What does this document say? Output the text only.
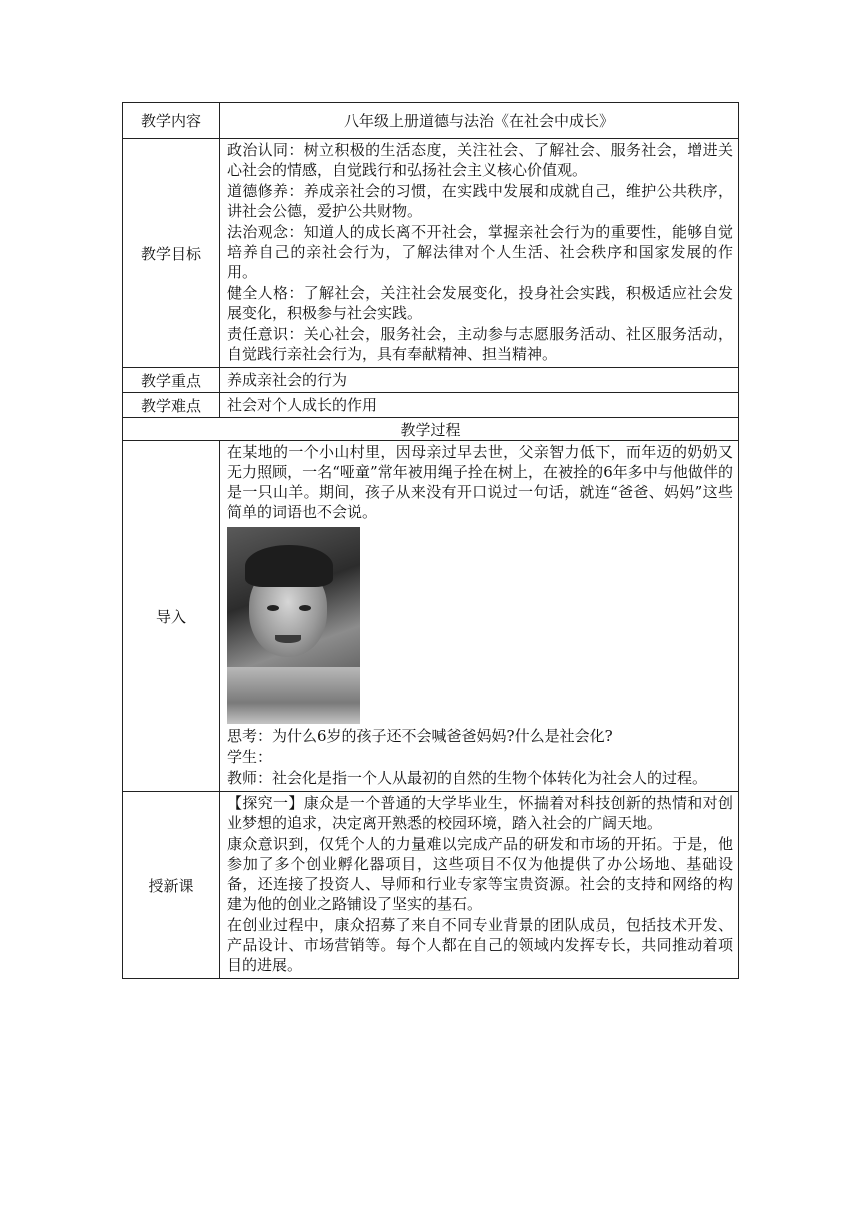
教学内容	八年级上册道德与法治《在社会中成长》
教学目标	政治认同：树立积极的生活态度，关注社会、了解社会、服务社会，增进关心社会的情感，自觉践行和弘扬社会主义核心价值观。

道德修养：养成亲社会的习惯，在实践中发展和成就自己，维护公共秩序，讲社会公德，爱护公共财物。

法治观念：知道人的成长离不开社会，掌握亲社会行为的重要性，能够自觉培养自己的亲社会行为，了解法律对个人生活、社会秩序和国家发展的作用。

健全人格：了解社会，关注社会发展变化，投身社会实践，积极适应社会发展变化，积极参与社会实践。

责任意识：关心社会，服务社会，主动参与志愿服务活动、社区服务活动，自觉践行亲社会行为，具有奉献精神、担当精神。

教学重点	养成亲社会的行为
教学难点	社会对个人成长的作用
教学过程	
导入	在某地的一个小山村里，因母亲过早去世，父亲智力低下，而年迈的奶奶又无力照顾，一名“哑童”常年被用绳子拴在树上，在被拴的6年多中与他做伴的是一只山羊。期间，孩子从来没有开口说过一句话，就连“爸爸、妈妈”这些简单的词语也不会说。

思考：为什么6岁的孩子还不会喊爸爸妈妈?什么是社会化?

学生：

教师：社会化是指一个人从最初的自然的生物个体转化为社会人的过程。

授新课	【探究一】康众是一个普通的大学毕业生，怀揣着对科技创新的热情和对创业梦想的追求，决定离开熟悉的校园环境，踏入社会的广阔天地。

康众意识到，仅凭个人的力量难以完成产品的研发和市场的开拓。于是，他参加了多个创业孵化器项目，这些项目不仅为他提供了办公场地、基础设备，还连接了投资人、导师和行业专家等宝贵资源。社会的支持和网络的构建为他的创业之路铺设了坚实的基石。

在创业过程中，康众招募了来自不同专业背景的团队成员，包括技术开发、产品设计、市场营销等。每个人都在自己的领域内发挥专长，共同推动着项目的进展。
